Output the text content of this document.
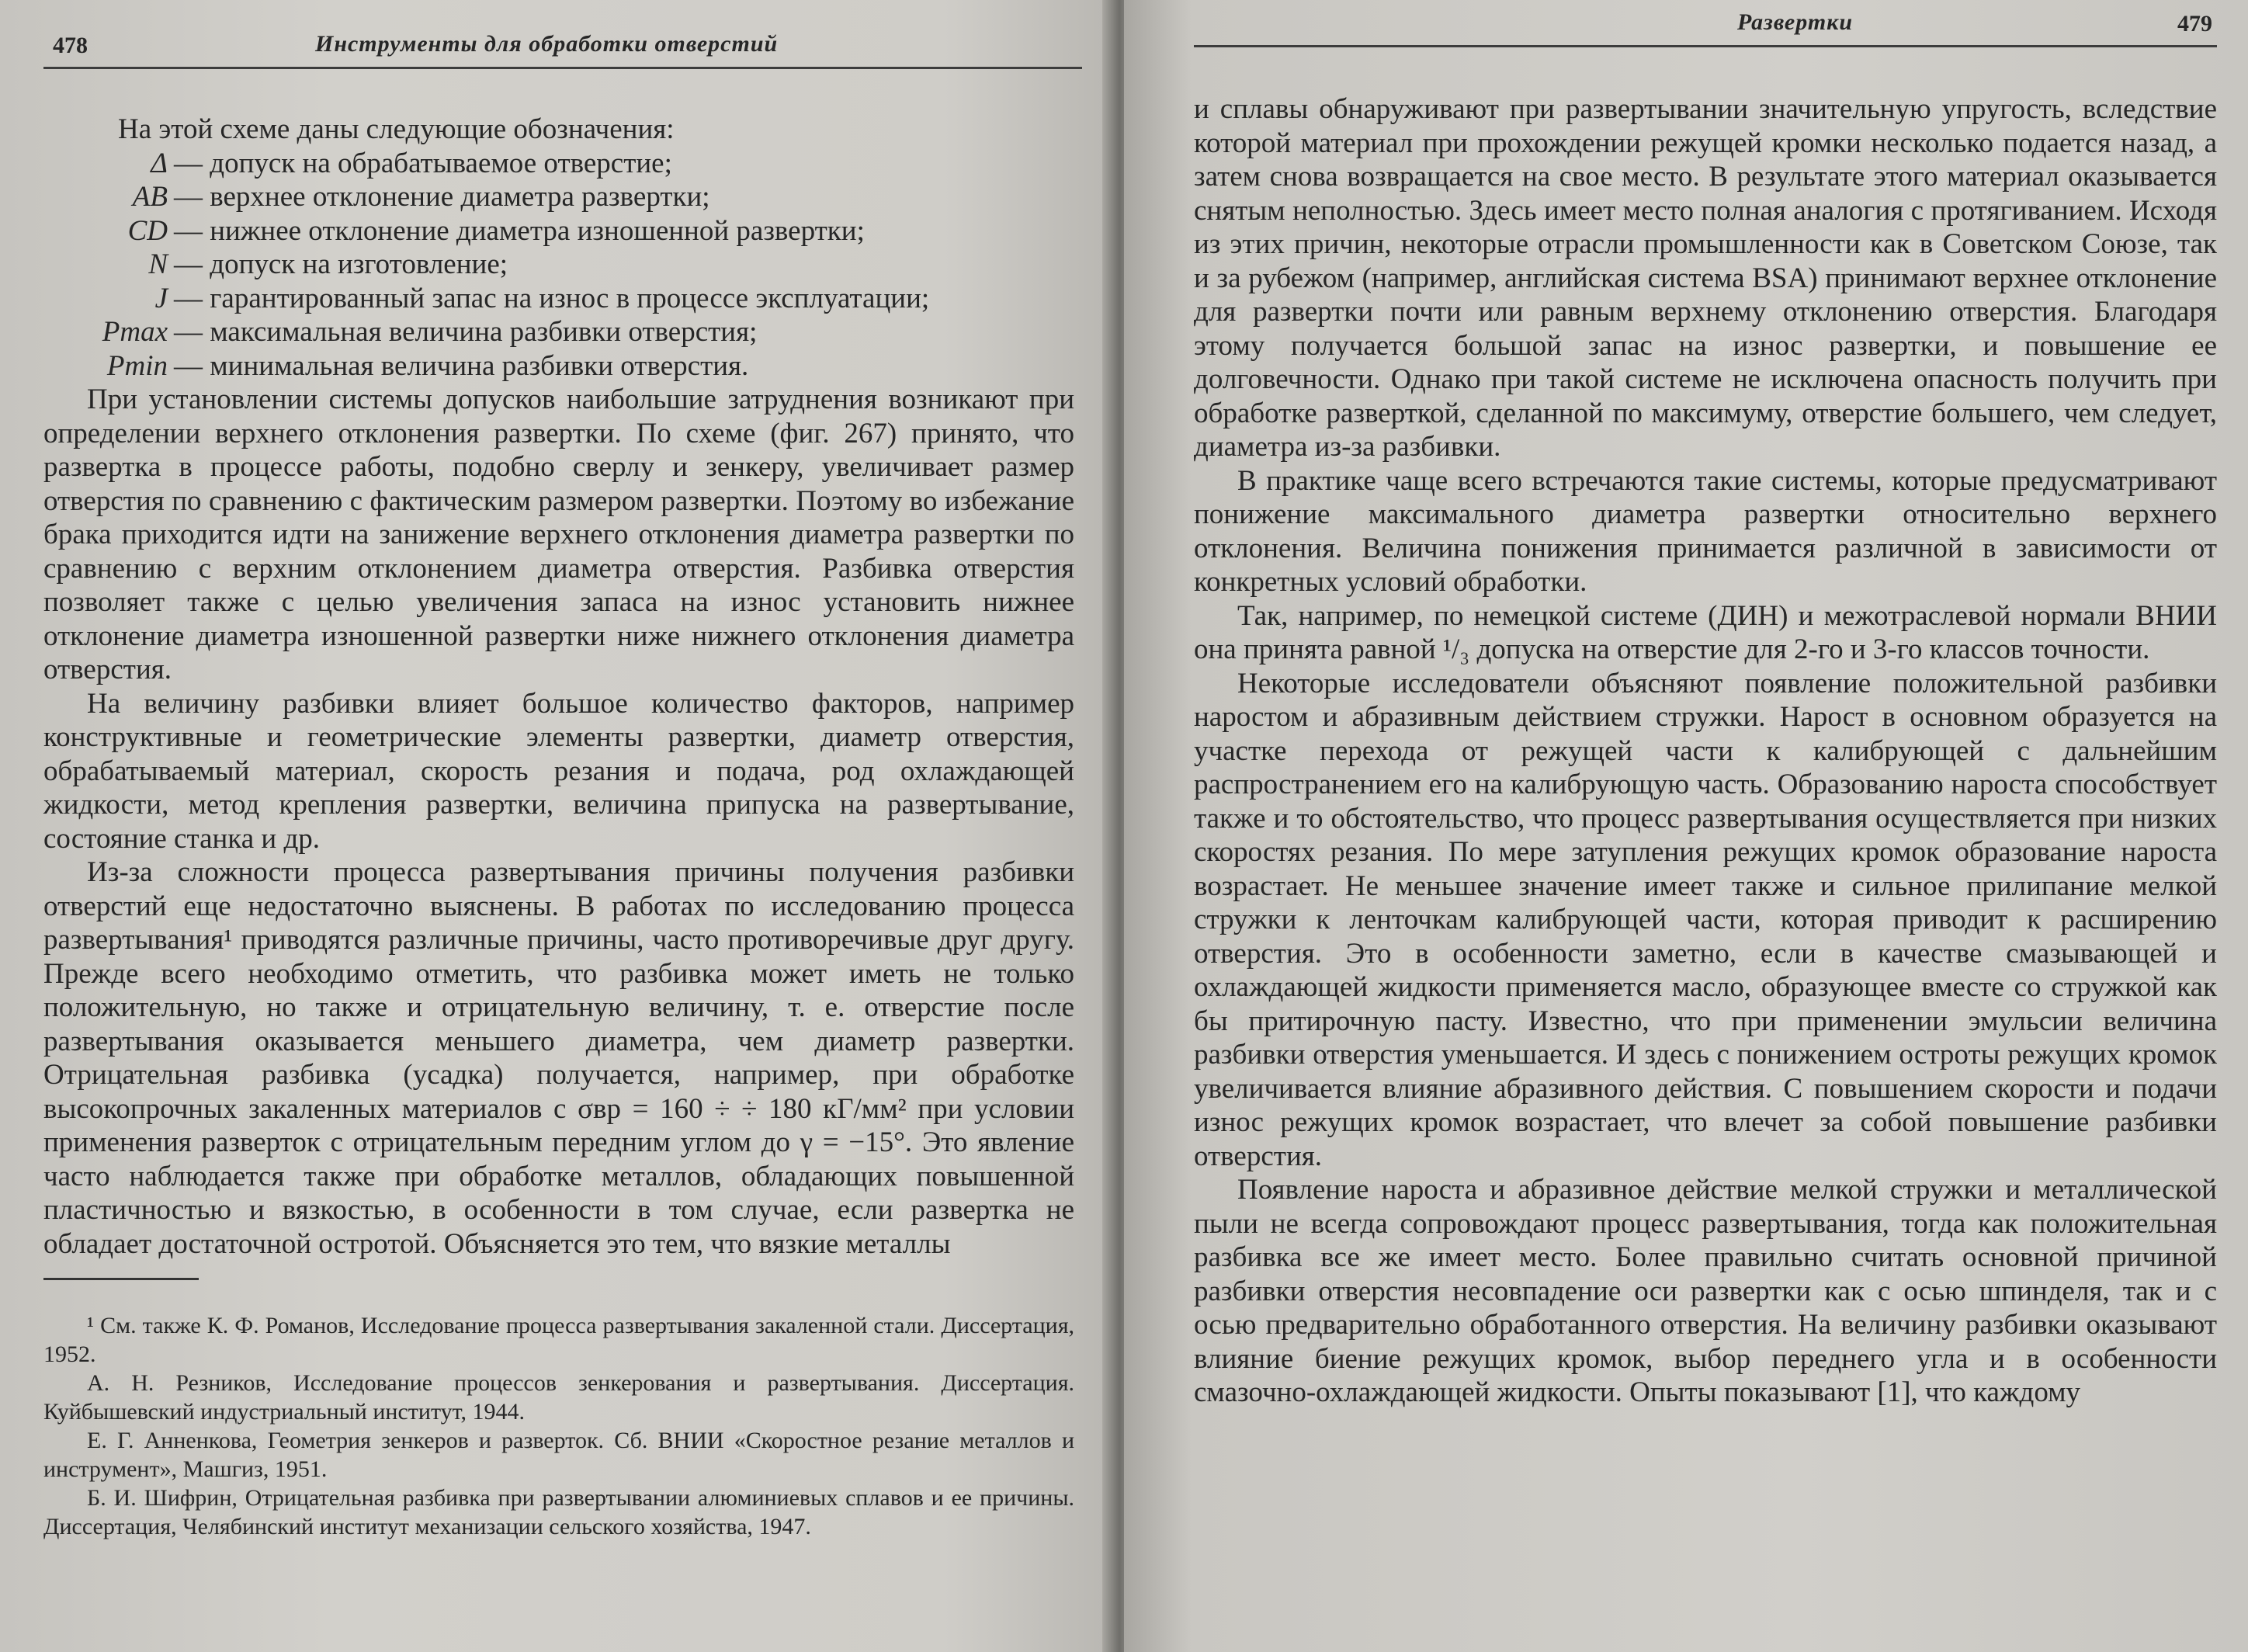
478	Инструменты для обработки отверстий
На этой схеме даны следующие обозначения:
Δ — допуск на обрабатываемое отверстие;
AB — верхнее отклонение диаметра развертки;
CD — нижнее отклонение диаметра изношенной развертки;
N — допуск на изготовление;
J — гарантированный запас на износ в процессе эксплуатации;
Pmax — максимальная величина разбивки отверстия;
Pmin — минимальная величина разбивки отверстия.

При установлении системы допусков наибольшие затруднения возникают при определении верхнего отклонения развертки. По схеме (фиг. 267) принято, что развертка в процессе работы, подобно сверлу и зенкеру, увеличивает размер отверстия по сравнению с фактическим размером развертки. Поэтому во избежание брака приходится идти на занижение верхнего отклонения диаметра развертки по сравнению с верхним отклонением диаметра отверстия. Разбивка отверстия позволяет также с целью увеличения запаса на износ установить нижнее отклонение диаметра изношенной развертки ниже нижнего отклонения диаметра отверстия.

На величину разбивки влияет большое количество факторов, например конструктивные и геометрические элементы развертки, диаметр отверстия, обрабатываемый материал, скорость резания и подача, род охлаждающей жидкости, метод крепления развертки, величина припуска на развертывание, состояние станка и др.

Из-за сложности процесса развертывания причины получения разбивки отверстий еще недостаточно выяснены. В работах по исследованию процесса развертывания¹ приводятся различные причины, часто противоречивые друг другу. Прежде всего необходимо отметить, что разбивка может иметь не только положительную, но также и отрицательную величину, т. е. отверстие после развертывания оказывается меньшего диаметра, чем диаметр развертки. Отрицательная разбивка (усадка) получается, например, при обработке высокопрочных закаленных материалов с σвр = 160 ÷ ÷ 180 кГ/мм² при условии применения разверток с отрицательным передним углом до γ = −15°. Это явление часто наблюдается также при обработке металлов, обладающих повышенной пластичностью и вязкостью, в особенности в том случае, если развертка не обладает достаточной остротой. Объясняется это тем, что вязкие металлы

¹ См. также К. Ф. Романов, Исследование процесса развертывания закаленной стали. Диссертация, 1952.

А. Н. Резников, Исследование процессов зенкерования и развертывания. Диссертация. Куйбышевский индустриальный институт, 1944.

Е. Г. Анненкова, Геометрия зенкеров и разверток. Сб. ВНИИ «Скоростное резание металлов и инструмент», Машгиз, 1951.

Б. И. Шифрин, Отрицательная разбивка при развертывании алюминиевых сплавов и ее причины. Диссертация, Челябинский институт механизации сельского хозяйства, 1947.

Развертки	479

и сплавы обнаруживают при развертывании значительную упругость, вследствие которой материал при прохождении режущей кромки несколько подается назад, а затем снова возвращается на свое место. В результате этого материал оказывается снятым неполностью. Здесь имеет место полная аналогия с протягиванием. Исходя из этих причин, некоторые отрасли промышленности как в Советском Союзе, так и за рубежом (например, английская система BSA) принимают верхнее отклонение для развертки почти или равным верхнему отклонению отверстия. Благодаря этому получается большой запас на износ развертки, и повышение ее долговечности. Однако при такой системе не исключена опасность получить при обработке разверткой, сделанной по максимуму, отверстие большего, чем следует, диаметра из-за разбивки.

В практике чаще всего встречаются такие системы, которые предусматривают понижение максимального диаметра развертки относительно верхнего отклонения. Величина понижения принимается различной в зависимости от конкретных условий обработки.

Так, например, по немецкой системе (ДИН) и межотраслевой нормали ВНИИ она принята равной ¹/₃ допуска на отверстие для 2-го и 3-го классов точности.

Некоторые исследователи объясняют появление положительной разбивки наростом и абразивным действием стружки. Нарост в основном образуется на участке перехода от режущей части к калибрующей с дальнейшим распространением его на калибрующую часть. Образованию нароста способствует также и то обстоятельство, что процесс развертывания осуществляется при низких скоростях резания. По мере затупления режущих кромок образование нароста возрастает. Не меньшее значение имеет также и сильное прилипание мелкой стружки к ленточкам калибрующей части, которая приводит к расширению отверстия. Это в особенности заметно, если в качестве смазывающей и охлаждающей жидкости применяется масло, образующее вместе со стружкой как бы притирочную пасту. Известно, что при применении эмульсии величина разбивки отверстия уменьшается. И здесь с понижением остроты режущих кромок увеличивается влияние абразивного действия. С повышением скорости и подачи износ режущих кромок возрастает, что влечет за собой повышение разбивки отверстия.

Появление нароста и абразивное действие мелкой стружки и металлической пыли не всегда сопровождают процесс развертывания, тогда как положительная разбивка все же имеет место. Более правильно считать основной причиной разбивки отверстия несовпадение оси развертки как с осью шпинделя, так и с осью предварительно обработанного отверстия. На величину разбивки оказывают влияние биение режущих кромок, выбор переднего угла и в особенности смазочно-охлаждающей жидкости. Опыты показывают [1], что каждому
